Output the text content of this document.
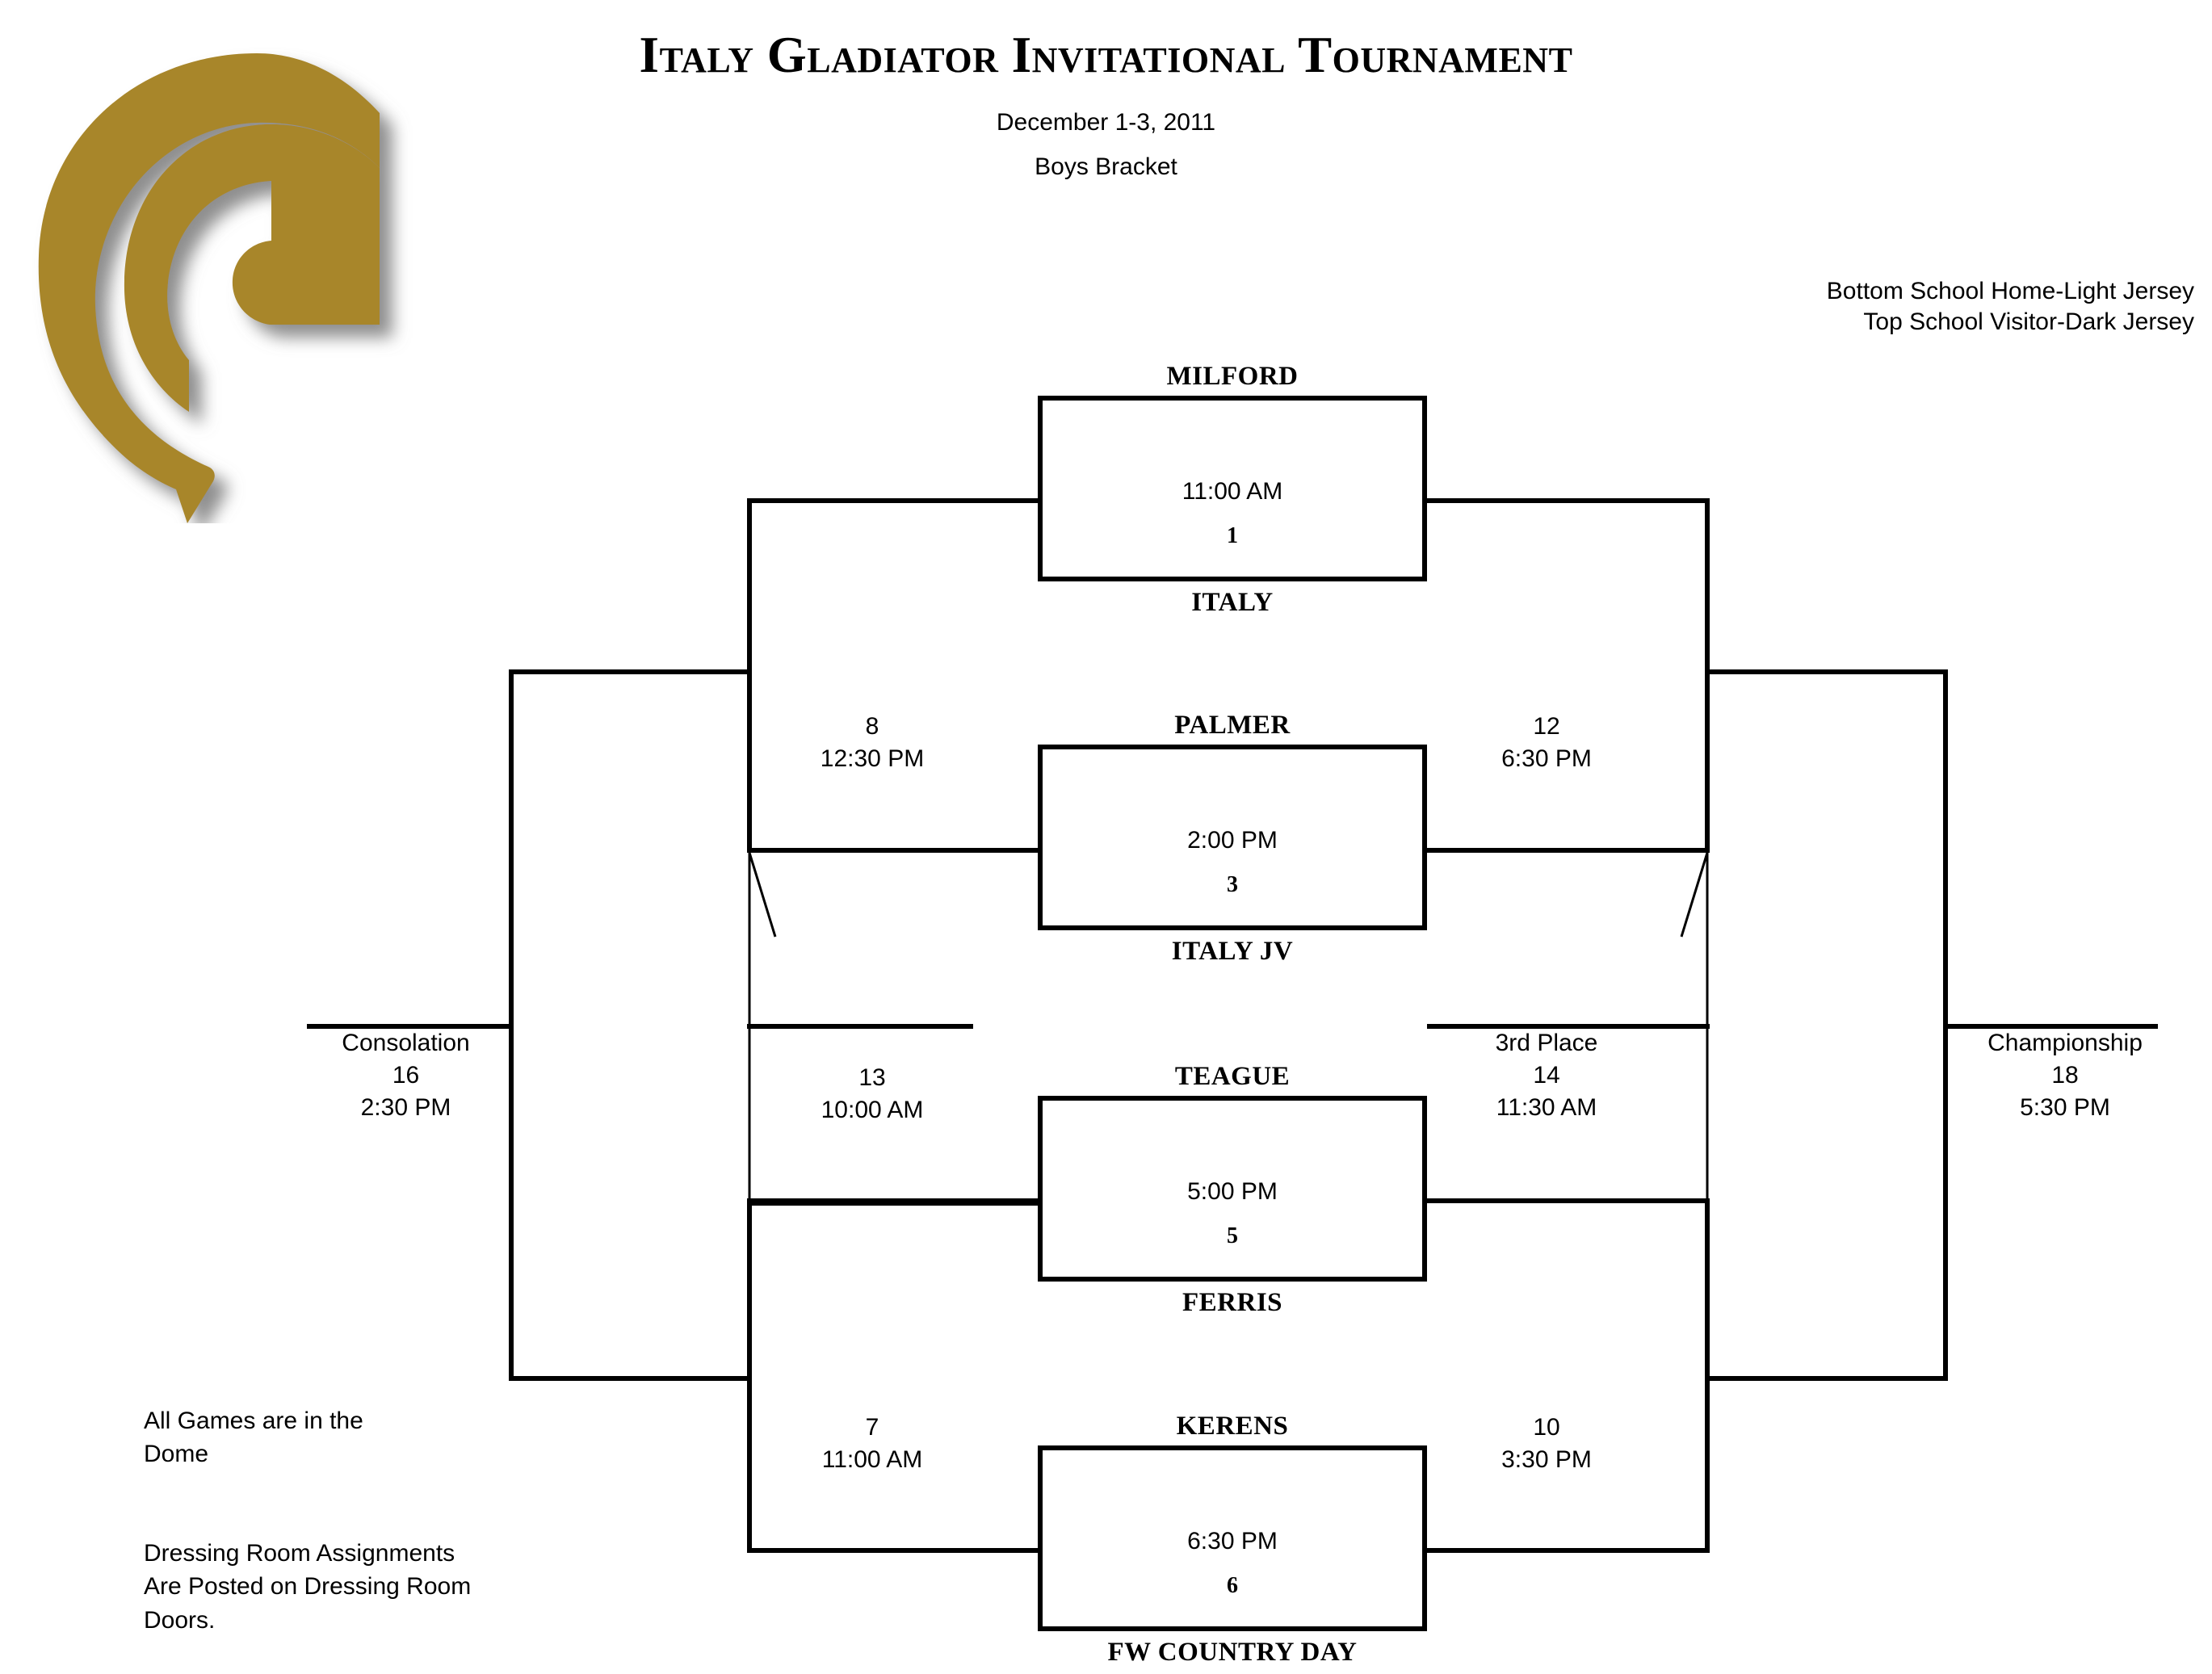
Italy Gladiator Invitational Tournament
December 1-3, 2011
Boys Bracket
Bottom School Home-Light Jersey
Top School Visitor-Dark Jersey
MILFORD
11:00 AM
1
ITALY
PALMER
2:00 PM
3
ITALY JV
TEAGUE
5:00 PM
5
FERRIS
KERENS
6:30 PM
6
FW COUNTRY DAY
8
12:30 PM
12
6:30 PM
13
10:00 AM
3rd Place
14
11:30 AM
7
11:00 AM
10
3:30 PM
Consolation
16
2:30 PM
Championship
18
5:30 PM
All Games are in the
Dome
Dressing Room Assignments
Are Posted on Dressing Room
Doors.
